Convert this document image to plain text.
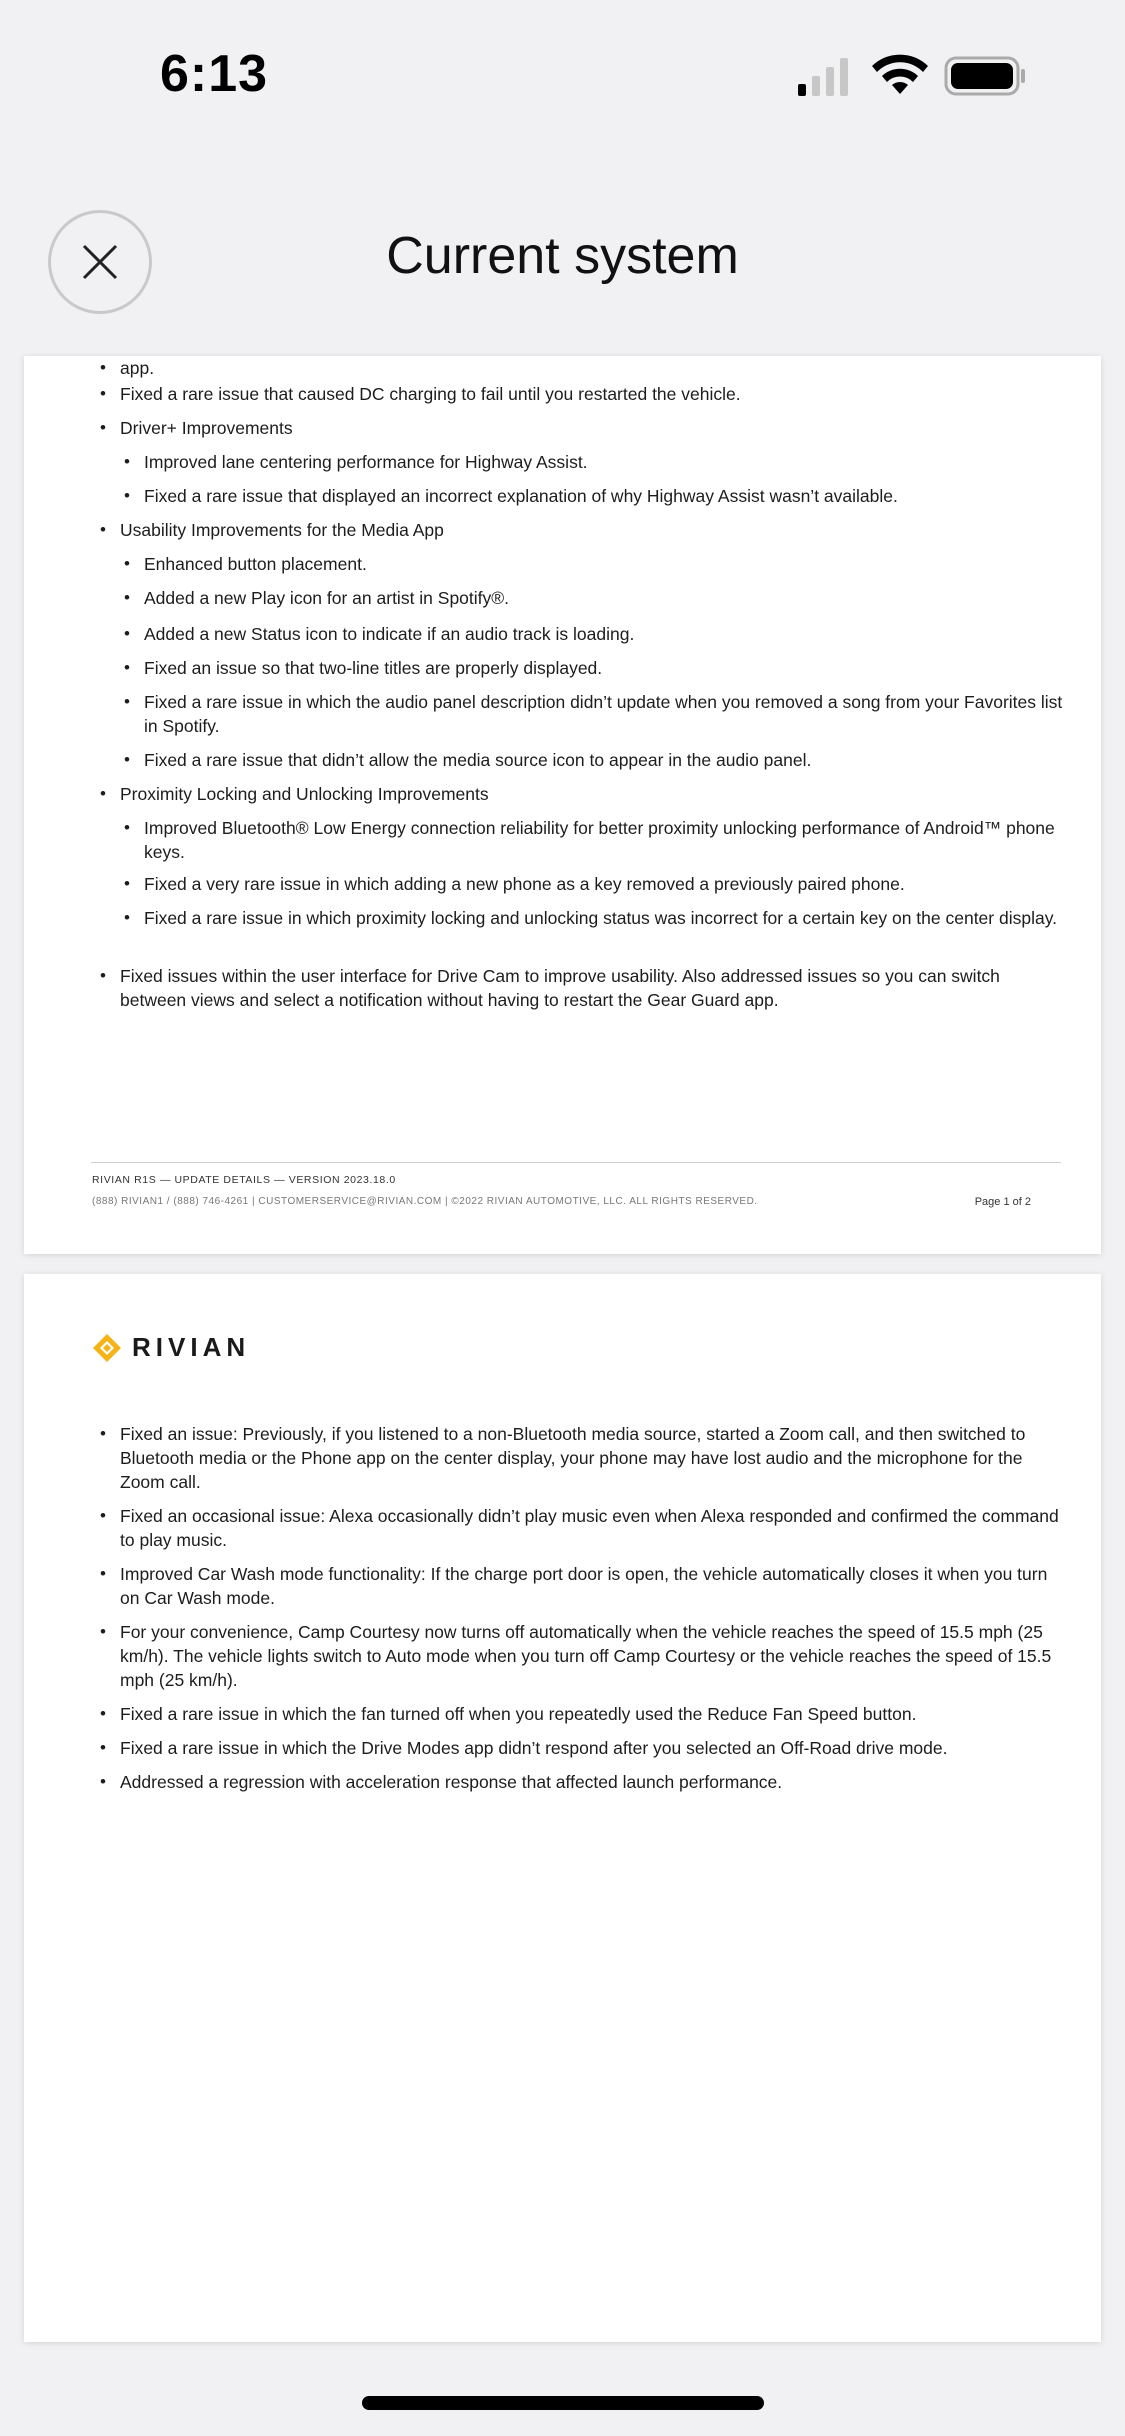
6:13
Current system
• app.
• Fixed a rare issue that caused DC charging to fail until you restarted the vehicle.
• Driver+ Improvements
• Improved lane centering performance for Highway Assist.
• Fixed a rare issue that displayed an incorrect explanation of why Highway Assist wasn’t available.
• Usability Improvements for the Media App
• Enhanced button placement.
• Added a new Play icon for an artist in Spotify®.
• Added a new Status icon to indicate if an audio track is loading.
• Fixed an issue so that two-line titles are properly displayed.
• Fixed a rare issue in which the audio panel description didn’t update when you removed a song from your Favorites list in Spotify.
• Fixed a rare issue that didn’t allow the media source icon to appear in the audio panel.
• Proximity Locking and Unlocking Improvements
• Improved Bluetooth® Low Energy connection reliability for better proximity unlocking performance of Android™ phone keys.
• Fixed a very rare issue in which adding a new phone as a key removed a previously paired phone.
• Fixed a rare issue in which proximity locking and unlocking status was incorrect for a certain key on the center display.
• Fixed issues within the user interface for Drive Cam to improve usability. Also addressed issues so you can switch between views and select a notification without having to restart the Gear Guard app.
RIVIAN R1S — UPDATE DETAILS — VERSION 2023.18.0
(888) RIVIAN1 / (888) 746-4261 | CUSTOMERSERVICE@RIVIAN.COM | ©2022 RIVIAN AUTOMOTIVE, LLC. ALL RIGHTS RESERVED.	Page 1 of 2
RIVIAN
• Fixed an issue: Previously, if you listened to a non-Bluetooth media source, started a Zoom call, and then switched to Bluetooth media or the Phone app on the center display, your phone may have lost audio and the microphone for the Zoom call.
• Fixed an occasional issue: Alexa occasionally didn’t play music even when Alexa responded and confirmed the command to play music.
• Improved Car Wash mode functionality: If the charge port door is open, the vehicle automatically closes it when you turn on Car Wash mode.
• For your convenience, Camp Courtesy now turns off automatically when the vehicle reaches the speed of 15.5 mph (25 km/h). The vehicle lights switch to Auto mode when you turn off Camp Courtesy or the vehicle reaches the speed of 15.5 mph (25 km/h).
• Fixed a rare issue in which the fan turned off when you repeatedly used the Reduce Fan Speed button.
• Fixed a rare issue in which the Drive Modes app didn’t respond after you selected an Off-Road drive mode.
• Addressed a regression with acceleration response that affected launch performance.
